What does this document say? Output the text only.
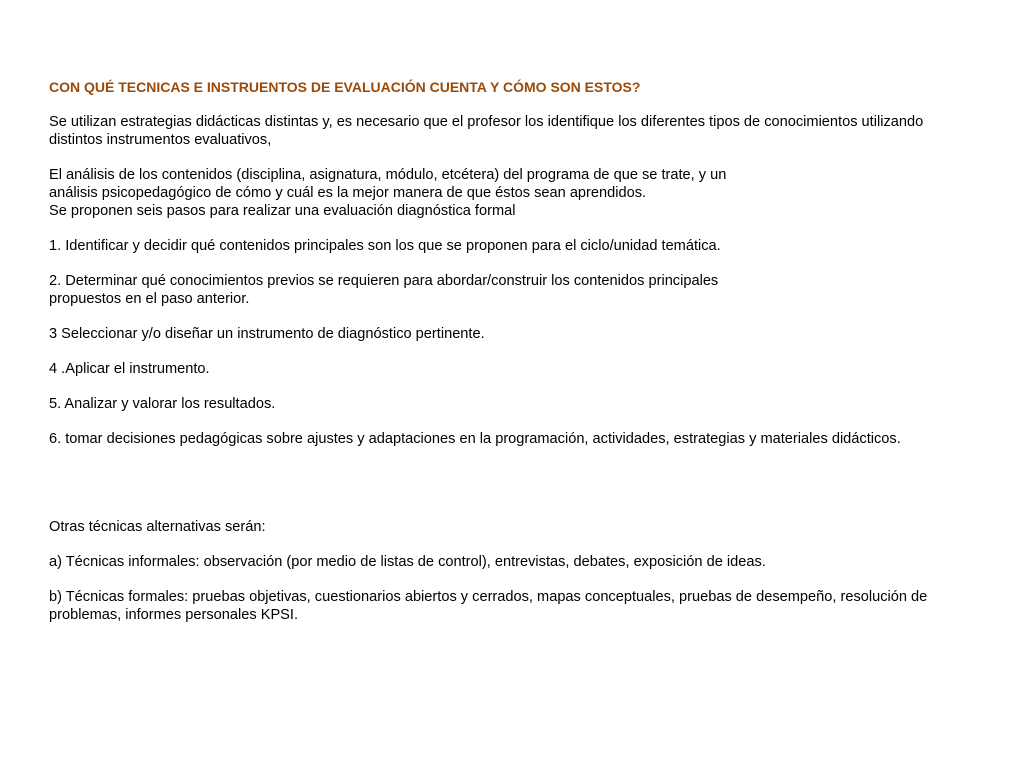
CON QUÉ TECNICAS E INSTRUENTOS DE EVALUACIÓN CUENTA Y CÓMO SON ESTOS?

Se utilizan estrategias didácticas distintas y, es necesario que el profesor los identifique los diferentes tipos de conocimientos utilizando distintos instrumentos evaluativos,

El análisis de los contenidos (disciplina, asignatura, módulo, etcétera) del programa de que se trate, y un análisis psicopedagógico de cómo y cuál es la mejor manera de que éstos sean aprendidos.

Se proponen seis pasos para realizar una evaluación diagnóstica formal

1. Identificar y decidir qué contenidos principales son los que se proponen para el ciclo/unidad temática.

2. Determinar qué conocimientos previos se requieren para abordar/construir los contenidos principales propuestos en el paso anterior.

3 Seleccionar y/o diseñar un instrumento de diagnóstico pertinente.

4 .Aplicar el instrumento.

5. Analizar y valorar los resultados.

6. tomar decisiones pedagógicas sobre ajustes y adaptaciones en la programación, actividades, estrategias y materiales didácticos.

Otras técnicas alternativas serán:

a) Técnicas informales: observación (por medio de listas de control), entrevistas, debates, exposición de ideas.

b) Técnicas formales: pruebas objetivas, cuestionarios abiertos y cerrados, mapas conceptuales, pruebas de desempeño, resolución de problemas, informes personales KPSI.
